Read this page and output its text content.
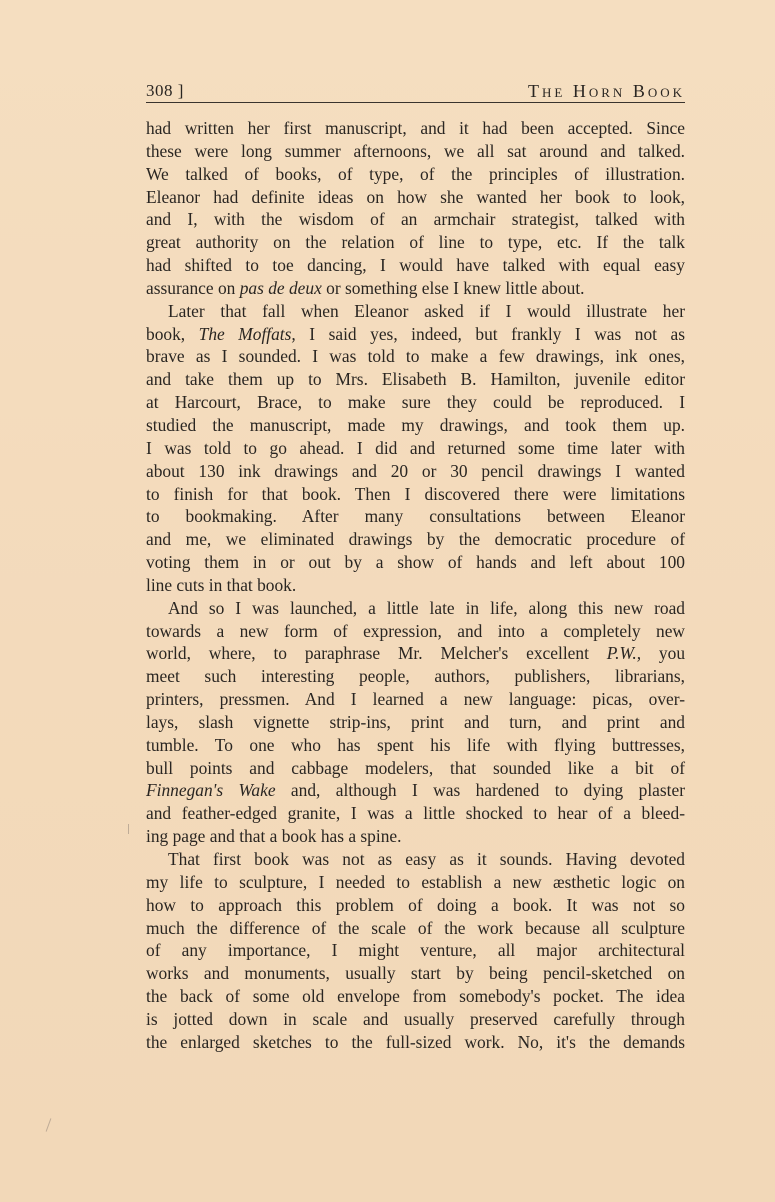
308 ]	The Horn Book
had written her first manuscript, and it had been accepted. Since
these were long summer afternoons, we all sat around and talked.
We talked of books, of type, of the principles of illustration.
Eleanor had definite ideas on how she wanted her book to look,
and I, with the wisdom of an armchair strategist, talked with
great authority on the relation of line to type, etc. If the talk
had shifted to toe dancing, I would have talked with equal easy
assurance on pas de deux or something else I knew little about.
Later that fall when Eleanor asked if I would illustrate her
book, The Moffats, I said yes, indeed, but frankly I was not as
brave as I sounded. I was told to make a few drawings, ink ones,
and take them up to Mrs. Elisabeth B. Hamilton, juvenile editor
at Harcourt, Brace, to make sure they could be reproduced. I
studied the manuscript, made my drawings, and took them up.
I was told to go ahead. I did and returned some time later with
about 130 ink drawings and 20 or 30 pencil drawings I wanted
to finish for that book. Then I discovered there were limitations
to bookmaking. After many consultations between Eleanor
and me, we eliminated drawings by the democratic procedure of
voting them in or out by a show of hands and left about 100
line cuts in that book.
And so I was launched, a little late in life, along this new road
towards a new form of expression, and into a completely new
world, where, to paraphrase Mr. Melcher's excellent P.W., you
meet such interesting people, authors, publishers, librarians,
printers, pressmen. And I learned a new language: picas, over-
lays, slash vignette strip-ins, print and turn, and print and
tumble. To one who has spent his life with flying buttresses,
bull points and cabbage modelers, that sounded like a bit of
Finnegan's Wake and, although I was hardened to dying plaster
and feather-edged granite, I was a little shocked to hear of a bleed-
ing page and that a book has a spine.
That first book was not as easy as it sounds. Having devoted
my life to sculpture, I needed to establish a new æsthetic logic on
how to approach this problem of doing a book. It was not so
much the difference of the scale of the work because all sculpture
of any importance, I might venture, all major architectural
works and monuments, usually start by being pencil-sketched on
the back of some old envelope from somebody's pocket. The idea
is jotted down in scale and usually preserved carefully through
the enlarged sketches to the full-sized work. No, it's the demands
